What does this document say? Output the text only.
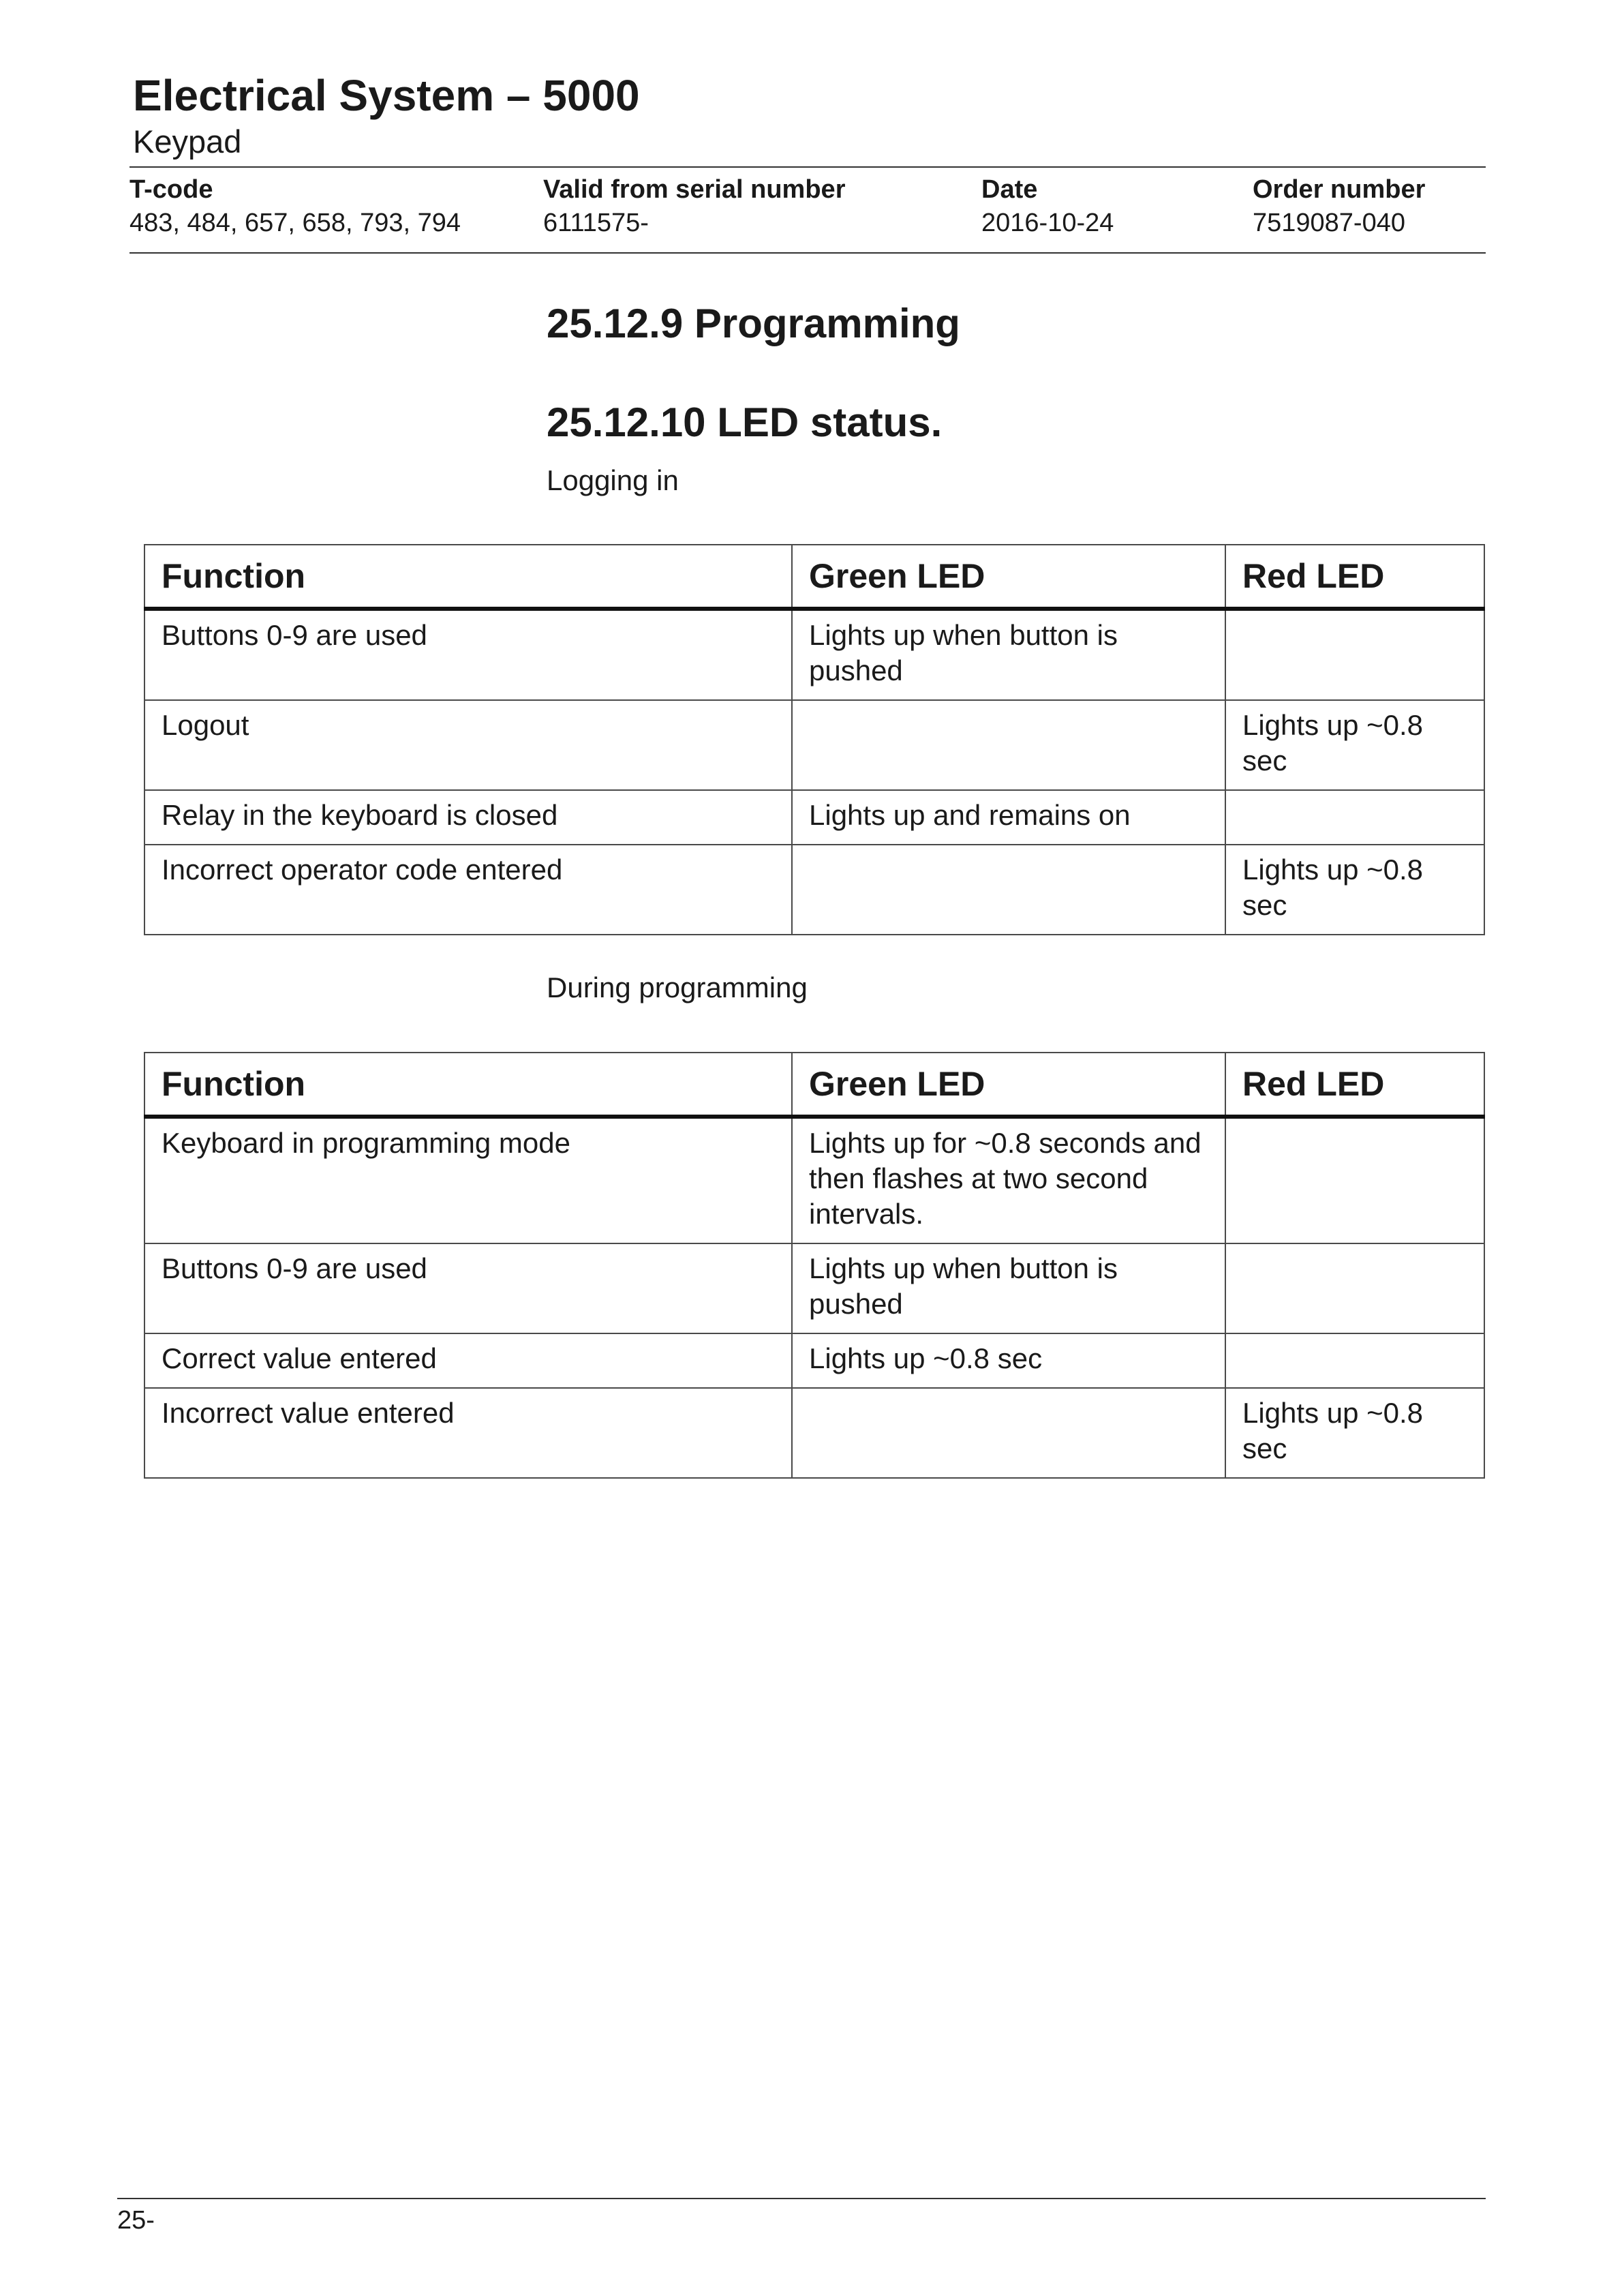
Electrical System – 5000
Keypad
T-code
483, 484, 657, 658, 793, 794
Valid from serial number
6111575-
Date
2016-10-24
Order number
7519087-040
25.12.9 Programming
25.12.10 LED status.
Logging in
Function	Green LED	Red LED
Buttons 0-9 are used	Lights up when button is pushed	
Logout		Lights up ~0.8 sec
Relay in the keyboard is closed	Lights up and remains on	
Incorrect operator code entered		Lights up ~0.8 sec
During programming
Function	Green LED	Red LED
Keyboard in programming mode	Lights up for ~0.8 seconds and then flashes at two second intervals.	
Buttons 0-9 are used	Lights up when button is pushed	
Correct value entered	Lights up ~0.8 sec	
Incorrect value entered		Lights up ~0.8 sec
25-
